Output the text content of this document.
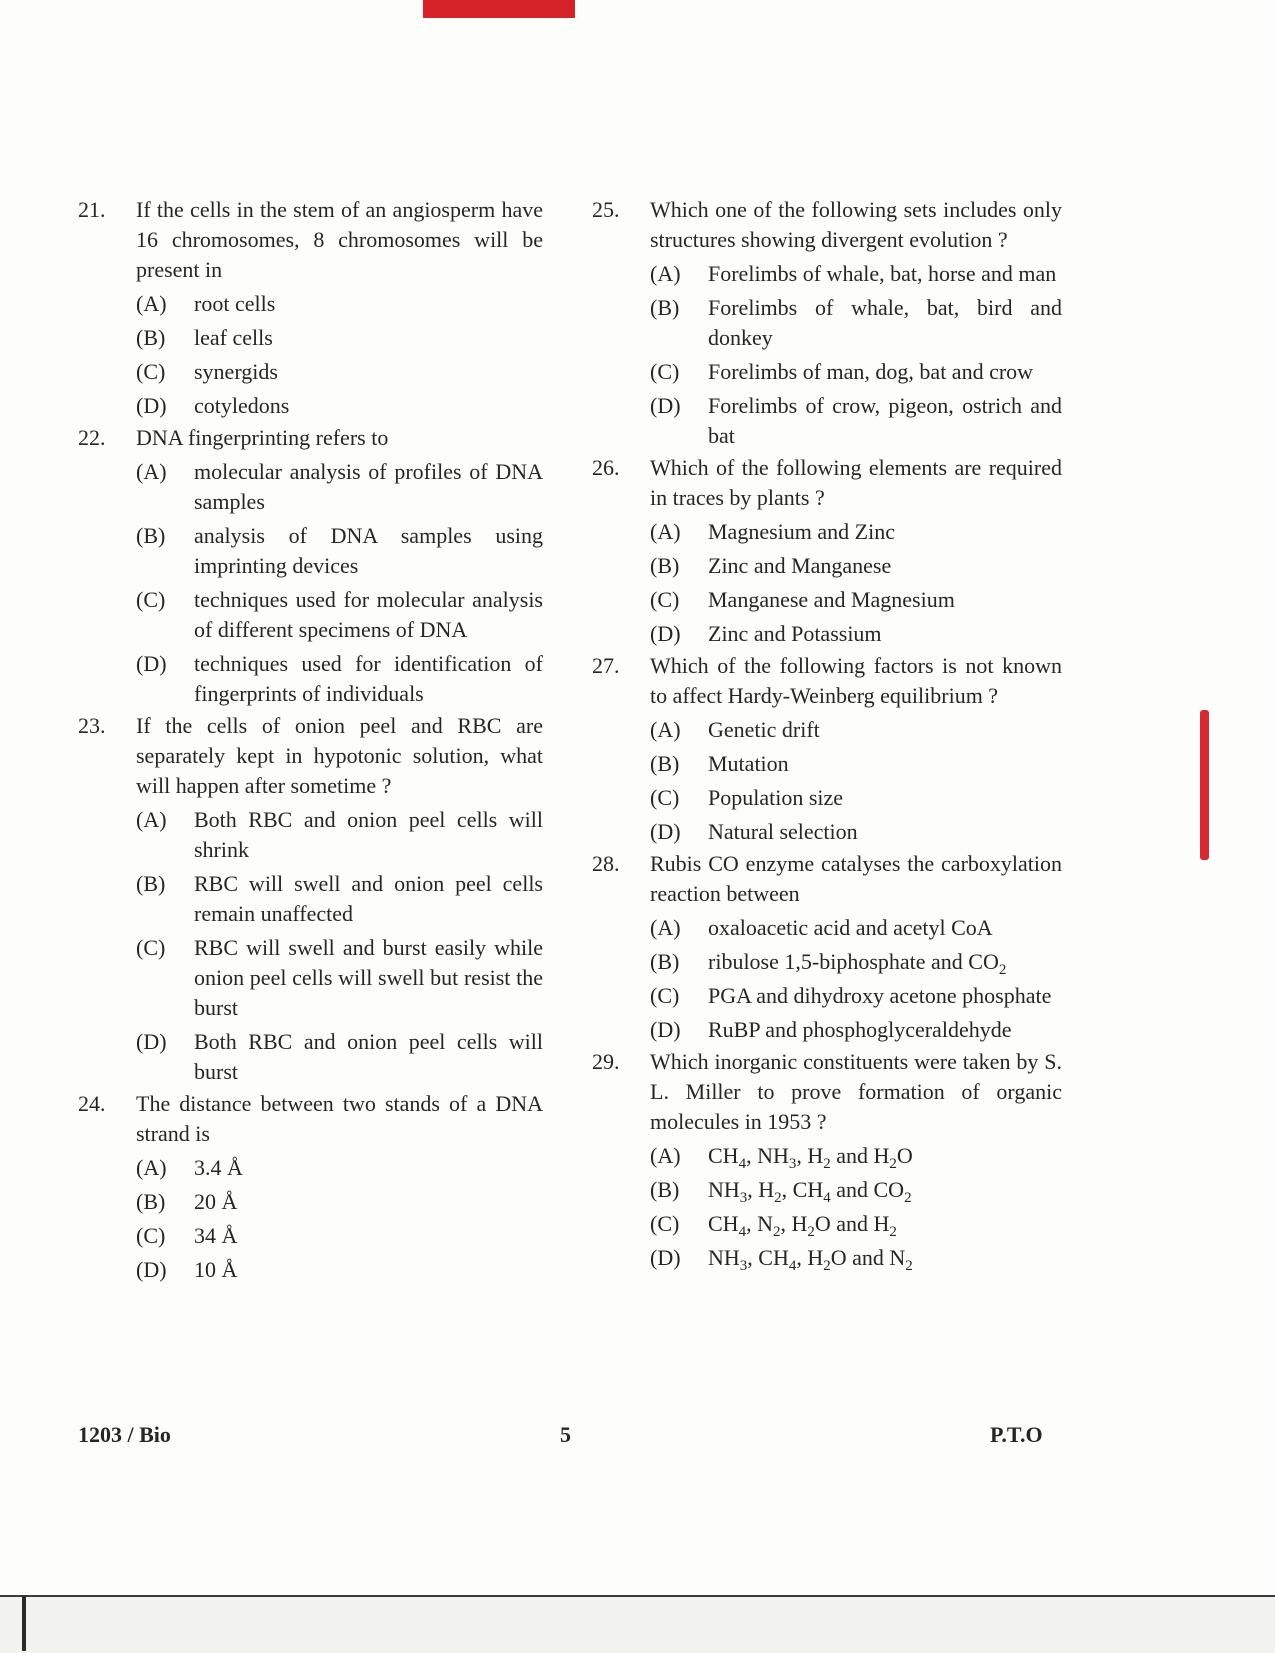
21.	If the cells in the stem of an angiosperm have 16 chromosomes, 8 chromosomes will be present in
(A)	root cells
(B)	leaf cells
(C)	synergids
(D)	cotyledons
22.	DNA fingerprinting refers to
(A)	molecular analysis of profiles of DNA samples
(B)	analysis of DNA samples using imprinting devices
(C)	techniques used for molecular analysis of different specimens of DNA
(D)	techniques used for identification of fingerprints of individuals
23.	If the cells of onion peel and RBC are separately kept in hypotonic solution, what will happen after sometime ?
(A)	Both RBC and onion peel cells will shrink
(B)	RBC will swell and onion peel cells remain unaffected
(C)	RBC will swell and burst easily while onion peel cells will swell but resist the burst
(D)	Both RBC and onion peel cells will burst
24.	The distance between two stands of a DNA strand is
(A)	3.4 Å
(B)	20 Å
(C)	34 Å
(D)	10 Å
25.	Which one of the following sets includes only structures showing divergent evolution ?
(A)	Forelimbs of whale, bat, horse and man
(B)	Forelimbs of whale, bat, bird and donkey
(C)	Forelimbs of man, dog, bat and crow
(D)	Forelimbs of crow, pigeon, ostrich and bat
26.	Which of the following elements are required in traces by plants ?
(A)	Magnesium and Zinc
(B)	Zinc and Manganese
(C)	Manganese and Magnesium
(D)	Zinc and Potassium
27.	Which of the following factors is not known to affect Hardy-Weinberg equilibrium ?
(A)	Genetic drift
(B)	Mutation
(C)	Population size
(D)	Natural selection
28.	Rubis CO enzyme catalyses the carboxylation reaction between
(A)	oxaloacetic acid and acetyl CoA
(B)	ribulose 1,5-biphosphate and $CO_2$
(C)	PGA and dihydroxy acetone phosphate
(D)	RuBP and phosphoglyceraldehyde
29.	Which inorganic constituents were taken by S. L. Miller to prove formation of organic molecules in 1953 ?
(A)	$CH_4$, $NH_3$, $H_2$ and $H_2O$
(B)	$NH_3$, $H_2$, $CH_4$ and $CO_2$
(C)	$CH_4$, $N_2$, $H_2O$ and $H_2$
(D)	$NH_3$, $CH_4$, $H_2O$ and $N_2$
1203 / Bio	5	P.T.O
